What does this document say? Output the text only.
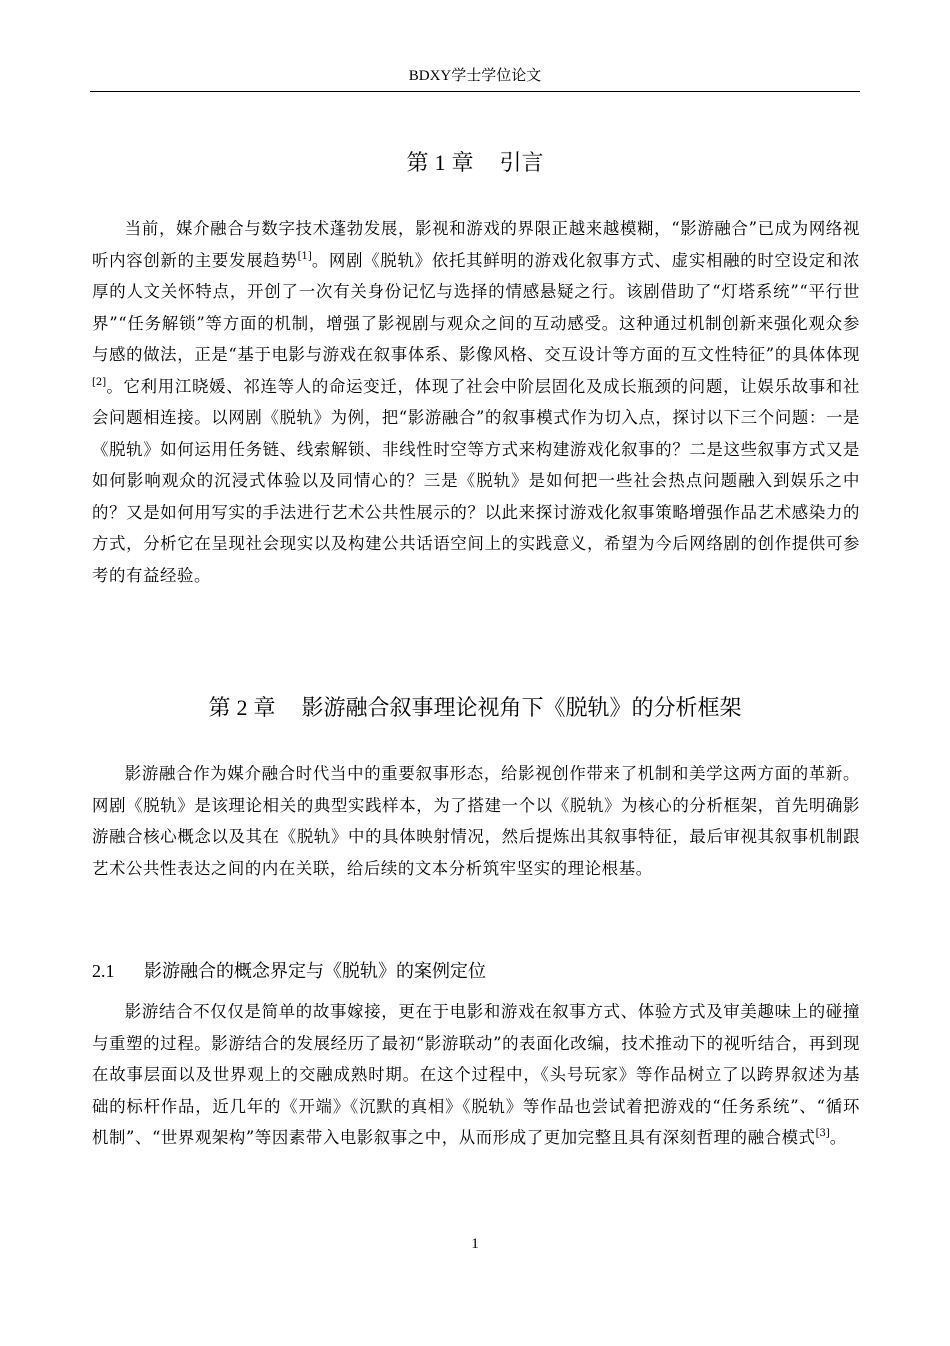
BDXY学士学位论文
第 1 章 引言

当前，媒介融合与数字技术蓬勃发展，影视和游戏的界限正越来越模糊，“影游融合”已成为网络视听内容创新的主要发展趋势[1]。网剧《脱轨》依托其鲜明的游戏化叙事方式、虚实相融的时空设定和浓厚的人文关怀特点，开创了一次有关身份记忆与选择的情感悬疑之行。该剧借助了“灯塔系统”“平行世界”“任务解锁”等方面的机制，增强了影视剧与观众之间的互动感受。这种通过机制创新来强化观众参与感的做法，正是“基于电影与游戏在叙事体系、影像风格、交互设计等方面的互文性特征”的具体体现[2]。它利用江晓媛、祁连等人的命运变迁，体现了社会中阶层固化及成长瓶颈的问题，让娱乐故事和社会问题相连接。以网剧《脱轨》为例，把“影游融合”的叙事模式作为切入点，探讨以下三个问题：一是《脱轨》如何运用任务链、线索解锁、非线性时空等方式来构建游戏化叙事的？二是这些叙事方式又是如何影响观众的沉浸式体验以及同情心的？三是《脱轨》是如何把一些社会热点问题融入到娱乐之中的？又是如何用写实的手法进行艺术公共性展示的？以此来探讨游戏化叙事策略增强作品艺术感染力的方式，分析它在呈现社会现实以及构建公共话语空间上的实践意义，希望为今后网络剧的创作提供可参考的有益经验。

第 2 章 影游融合叙事理论视角下《脱轨》的分析框架

影游融合作为媒介融合时代当中的重要叙事形态，给影视创作带来了机制和美学这两方面的革新。网剧《脱轨》是该理论相关的典型实践样本，为了搭建一个以《脱轨》为核心的分析框架，首先明确影游融合核心概念以及其在《脱轨》中的具体映射情况，然后提炼出其叙事特征，最后审视其叙事机制跟艺术公共性表达之间的内在关联，给后续的文本分析筑牢坚实的理论根基。

2.1 影游融合的概念界定与《脱轨》的案例定位

影游结合不仅仅是简单的故事嫁接，更在于电影和游戏在叙事方式、体验方式及审美趣味上的碰撞与重塑的过程。影游结合的发展经历了最初“影游联动”的表面化改编，技术推动下的视听结合，再到现在故事层面以及世界观上的交融成熟时期。在这个过程中，《头号玩家》等作品树立了以跨界叙述为基础的标杆作品，近几年的《开端》《沉默的真相》《脱轨》等作品也尝试着把游戏的“任务系统”、“循环机制”、“世界观架构”等因素带入电影叙事之中，从而形成了更加完整且具有深刻哲理的融合模式[3]。

1
